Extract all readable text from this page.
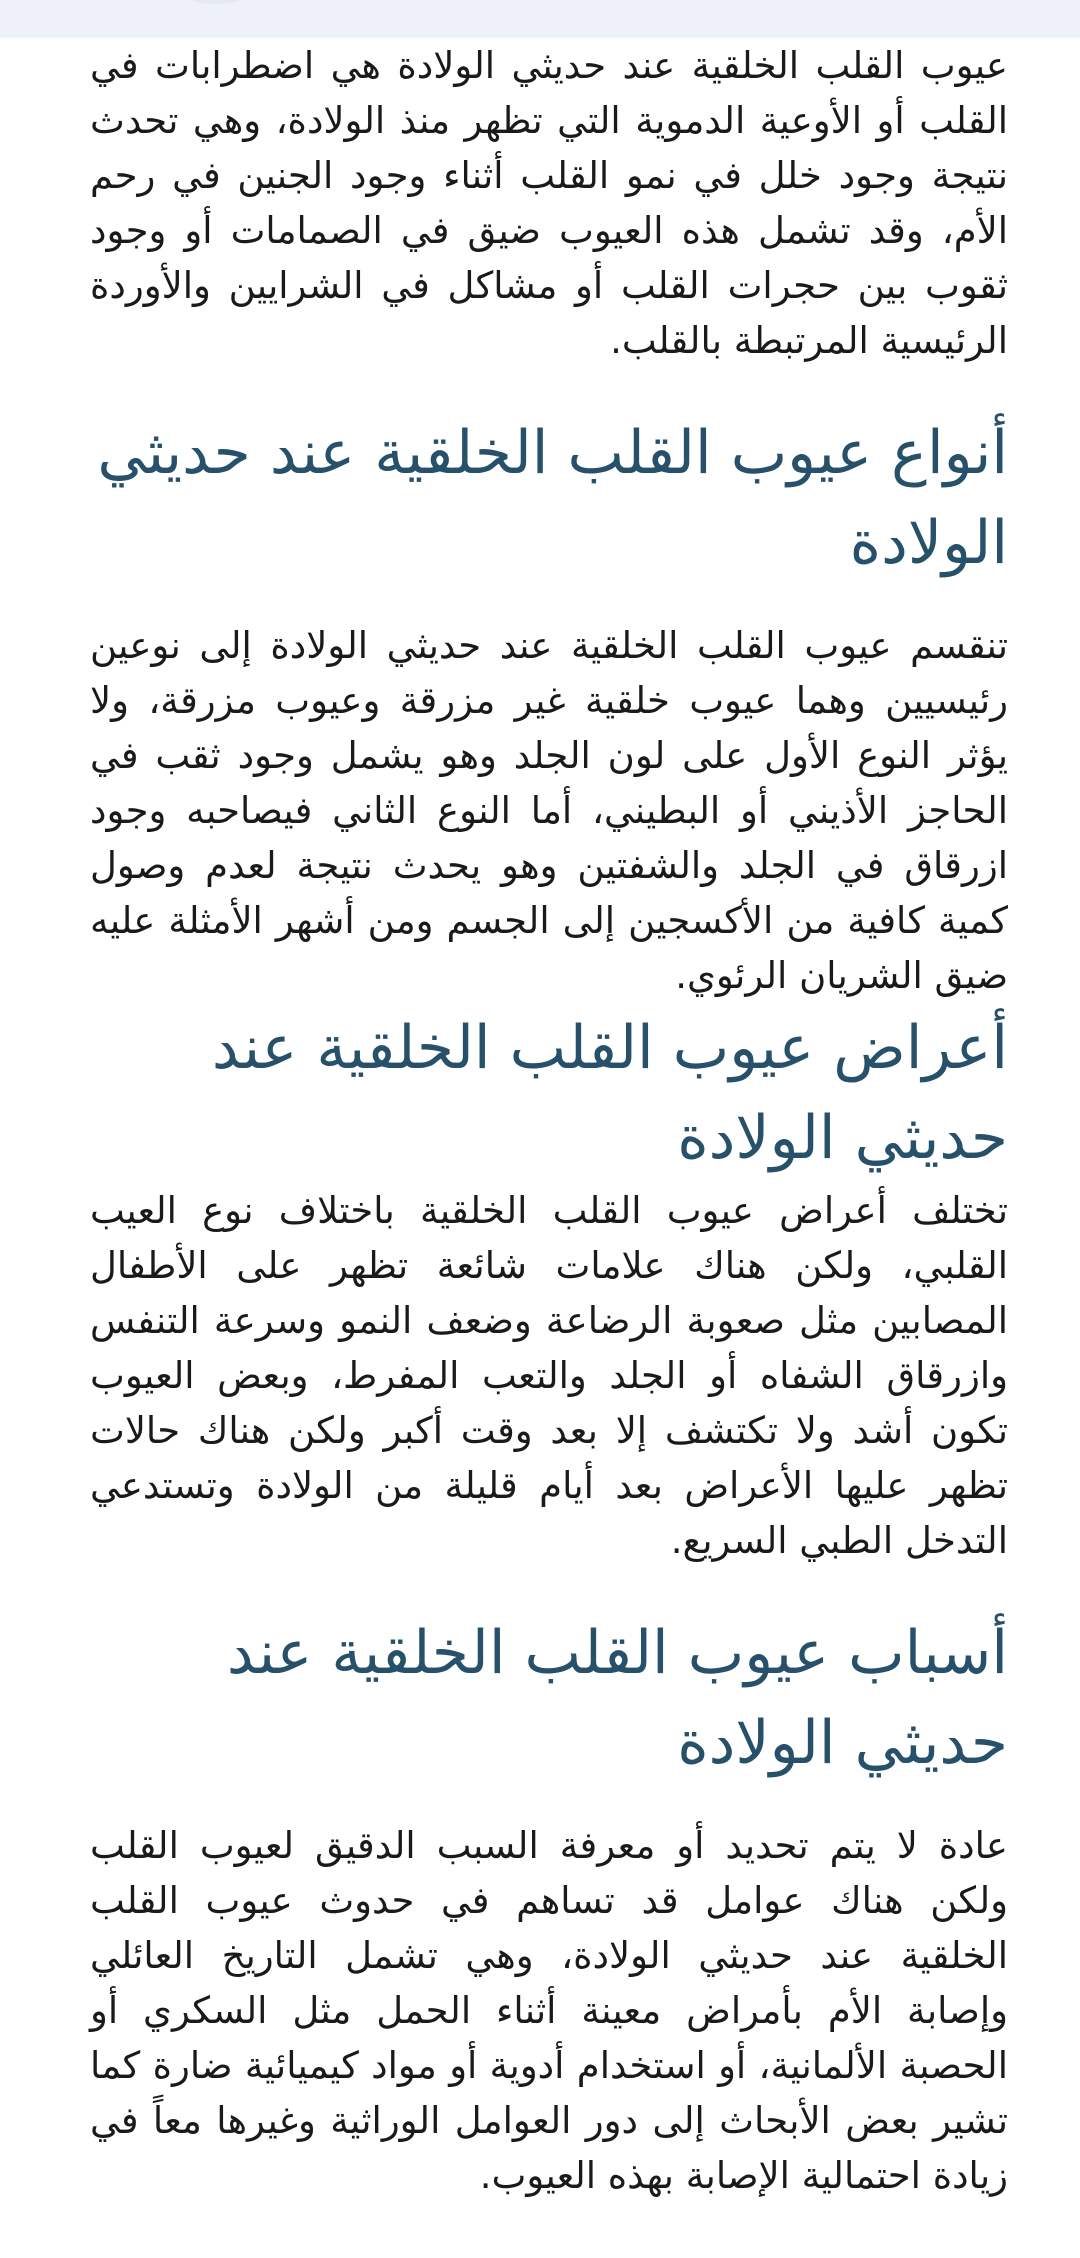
عيوب القلب الخلقية عند حديثي الولادة هي اضطرابات في القلب أو الأوعية الدموية التي تظهر منذ الولادة، وهي تحدث نتيجة وجود خلل في نمو القلب أثناء وجود الجنين في رحم الأم، وقد تشمل هذه العيوب ضيق في الصمامات أو وجود ثقوب بين حجرات القلب أو مشاكل في الشرايين والأوردة الرئيسية المرتبطة بالقلب.

أنواع عيوب القلب الخلقية عند حديثي الولادة

تنقسم عيوب القلب الخلقية عند حديثي الولادة إلى نوعين رئيسيين وهما عيوب خلقية غير مزرقة وعيوب مزرقة، ولا يؤثر النوع الأول على لون الجلد وهو يشمل وجود ثقب في الحاجز الأذيني أو البطيني، أما النوع الثاني فيصاحبه وجود ازرقاق في الجلد والشفتين وهو يحدث نتيجة لعدم وصول كمية كافية من الأكسجين إلى الجسم ومن أشهر الأمثلة عليه ضيق الشريان الرئوي.

أعراض عيوب القلب الخلقية عند حديثي الولادة

تختلف أعراض عيوب القلب الخلقية باختلاف نوع العيب القلبي، ولكن هناك علامات شائعة تظهر على الأطفال المصابين مثل صعوبة الرضاعة وضعف النمو وسرعة التنفس وازرقاق الشفاه أو الجلد والتعب المفرط، وبعض العيوب تكون أشد ولا تكتشف إلا بعد وقت أكبر ولكن هناك حالات تظهر عليها الأعراض بعد أيام قليلة من الولادة وتستدعي التدخل الطبي السريع.

أسباب عيوب القلب الخلقية عند حديثي الولادة

عادة لا يتم تحديد أو معرفة السبب الدقيق لعيوب القلب ولكن هناك عوامل قد تساهم في حدوث عيوب القلب الخلقية عند حديثي الولادة، وهي تشمل التاريخ العائلي وإصابة الأم بأمراض معينة أثناء الحمل مثل السكري أو الحصبة الألمانية، أو استخدام أدوية أو مواد كيميائية ضارة كما تشير بعض الأبحاث إلى دور العوامل الوراثية وغيرها معاً في زيادة احتمالية الإصابة بهذه العيوب.
